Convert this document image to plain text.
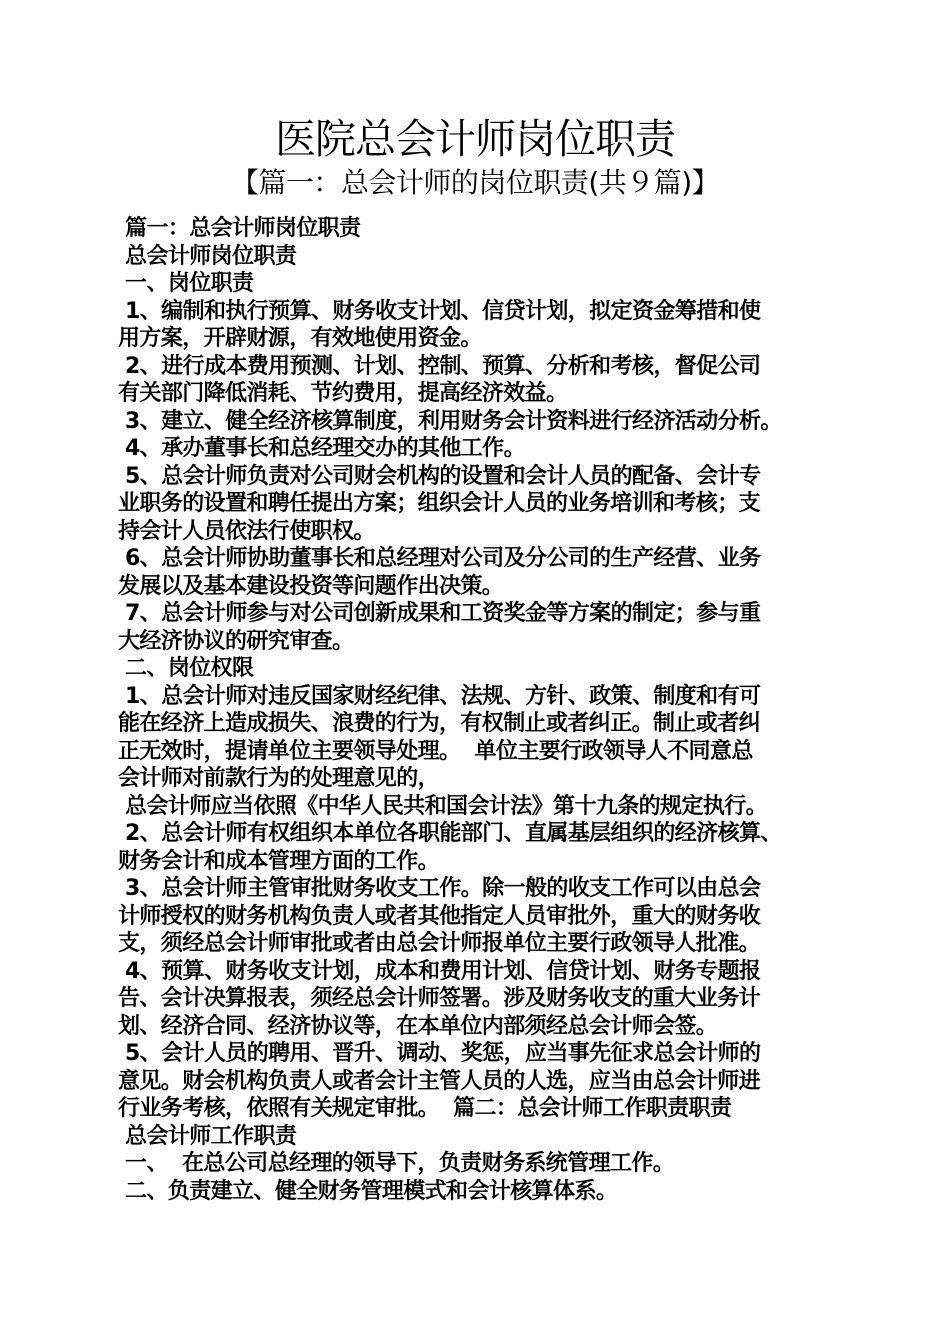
医院总会计师岗位职责
【篇一：总会计师的岗位职责(共９篇)】
篇一：总会计师岗位职责
总会计师岗位职责
一、岗位职责
1、编制和执行预算、财务收支计划、信贷计划，拟定资金筹措和使
用方案，开辟财源，有效地使用资金。
2、进行成本费用预测、计划、控制、预算、分析和考核，督促公司
有关部门降低消耗、节约费用，提高经济效益。
3、建立、健全经济核算制度，利用财务会计资料进行经济活动分析。
4、承办董事长和总经理交办的其他工作。
5、总会计师负责对公司财会机构的设置和会计人员的配备、会计专
业职务的设置和聘任提出方案；组织会计人员的业务培训和考核；支
持会计人员依法行使职权。
6、总会计师协助董事长和总经理对公司及分公司的生产经营、业务
发展以及基本建设投资等问题作出决策。
7、总会计师参与对公司创新成果和工资奖金等方案的制定；参与重
大经济协议的研究审查。
二、岗位权限
1、总会计师对违反国家财经纪律、法规、方针、政策、制度和有可
能在经济上造成损失、浪费的行为，有权制止或者纠正。制止或者纠
正无效时，提请单位主要领导处理。  单位主要行政领导人不同意总
会计师对前款行为的处理意见的，
总会计师应当依照《中华人民共和国会计法》第十九条的规定执行。
2、总会计师有权组织本单位各职能部门、直属基层组织的经济核算、
财务会计和成本管理方面的工作。
3、总会计师主管审批财务收支工作。除一般的收支工作可以由总会
计师授权的财务机构负责人或者其他指定人员审批外，重大的财务收
支，须经总会计师审批或者由总会计师报单位主要行政领导人批准。
4、预算、财务收支计划，成本和费用计划、信贷计划、财务专题报
告、会计决算报表，须经总会计师签署。涉及财务收支的重大业务计
划、经济合同、经济协议等，在本单位内部须经总会计师会签。
5、会计人员的聘用、晋升、调动、奖惩，应当事先征求总会计师的
意见。财会机构负责人或者会计主管人员的人选，应当由总会计师进
行业务考核，依照有关规定审批。  篇二：总会计师工作职责职责
总会计师工作职责
一、  在总公司总经理的领导下，负责财务系统管理工作。
二、负责建立、健全财务管理模式和会计核算体系。
